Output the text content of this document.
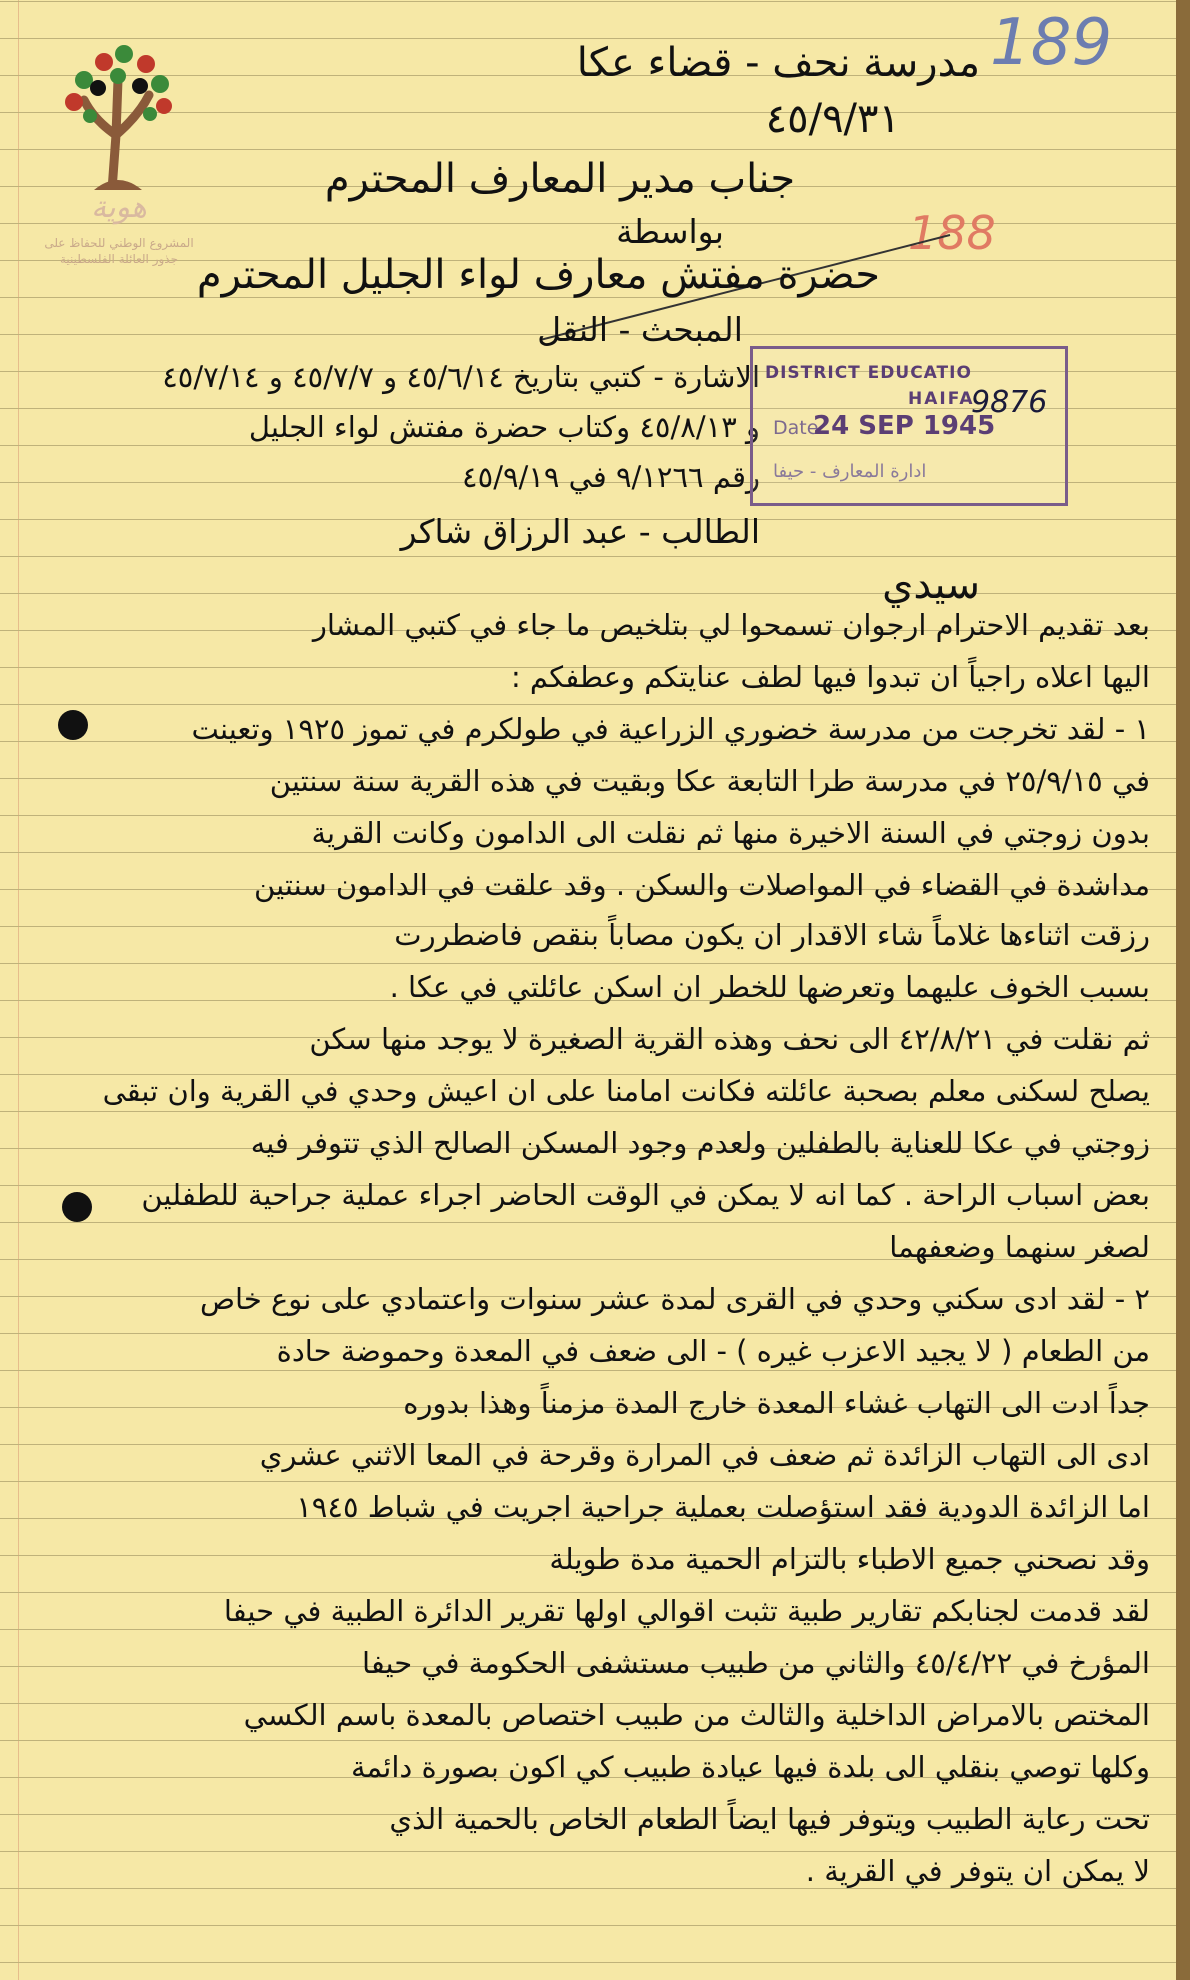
هوية
المشروع الوطني للحفاظ على
جذور العائلة الفلسطينية
189
188
مدرسة نحف - قضاء عكا
٤٥/٩/٣١
جناب مدير المعارف المحترم
بواسطة
حضرة مفتش معارف لواء الجليل المحترم
المبحث - النقل
الاشارة - كتبي بتاريخ ٤٥/٦/١٤ و ٤٥/٧/٧ و ٤٥/٧/١٤
و ٤٥/٨/١٣ وكتاب حضرة مفتش لواء الجليل
رقم ٩/١٢٦٦ في ٤٥/٩/١٩
الطالب - عبد الرزاق شاكر
DISTRICT EDUCATIO
HAIFA
Date
24 SEP 1945
9876
ادارة المعارف - حيفا
سيدي
بعد تقديم الاحترام ارجوان تسمحوا لي بتلخيص ما جاء في كتبي المشار
اليها اعلاه راجياً ان تبدوا فيها لطف عنايتكم وعطفكم :
١ - لقد تخرجت من مدرسة خضوري الزراعية في طولكرم في تموز ١٩٢٥ وتعينت
في ٢٥/٩/١٥ في مدرسة طرا التابعة عكا وبقيت في هذه القرية سنة سنتين
بدون زوجتي في السنة الاخيرة منها ثم نقلت الى الدامون وكانت القرية
مداشدة في القضاء في المواصلات والسكن . وقد علقت في الدامون سنتين
رزقت اثناءها غلاماً شاء الاقدار ان يكون مصاباً بنقص فاضطررت
بسبب الخوف عليهما وتعرضها للخطر ان اسكن عائلتي في عكا .
ثم نقلت في ٤٢/٨/٢١ الى نحف وهذه القرية الصغيرة لا يوجد منها سكن
يصلح لسكنى معلم بصحبة عائلته فكانت امامنا على ان اعيش وحدي في القرية وان تبقى
زوجتي في عكا للعناية بالطفلين ولعدم وجود المسكن الصالح الذي تتوفر فيه
بعض اسباب الراحة . كما انه لا يمكن في الوقت الحاضر اجراء عملية جراحية للطفلين
لصغر سنهما وضعفهما
٢ - لقد ادى سكني وحدي في القرى لمدة عشر سنوات واعتمادي على نوع خاص
من الطعام ( لا يجيد الاعزب غيره ) - الى ضعف في المعدة وحموضة حادة
جداً ادت الى التهاب غشاء المعدة خارج المدة مزمناً وهذا بدوره
ادى الى التهاب الزائدة ثم ضعف في المرارة وقرحة في المعا الاثني عشري
اما الزائدة الدودية فقد استؤصلت بعملية جراحية اجريت في شباط ١٩٤٥
وقد نصحني جميع الاطباء بالتزام الحمية مدة طويلة
لقد قدمت لجنابكم تقارير طبية تثبت اقوالي اولها تقرير الدائرة الطبية في حيفا
المؤرخ في ٤٥/٤/٢٢ والثاني من طبيب مستشفى الحكومة في حيفا
المختص بالامراض الداخلية والثالث من طبيب اختصاص بالمعدة باسم الكسي
وكلها توصي بنقلي الى بلدة فيها عيادة طبيب كي اكون بصورة دائمة
تحت رعاية الطبيب ويتوفر فيها ايضاً الطعام الخاص بالحمية الذي
لا يمكن ان يتوفر في القرية .
